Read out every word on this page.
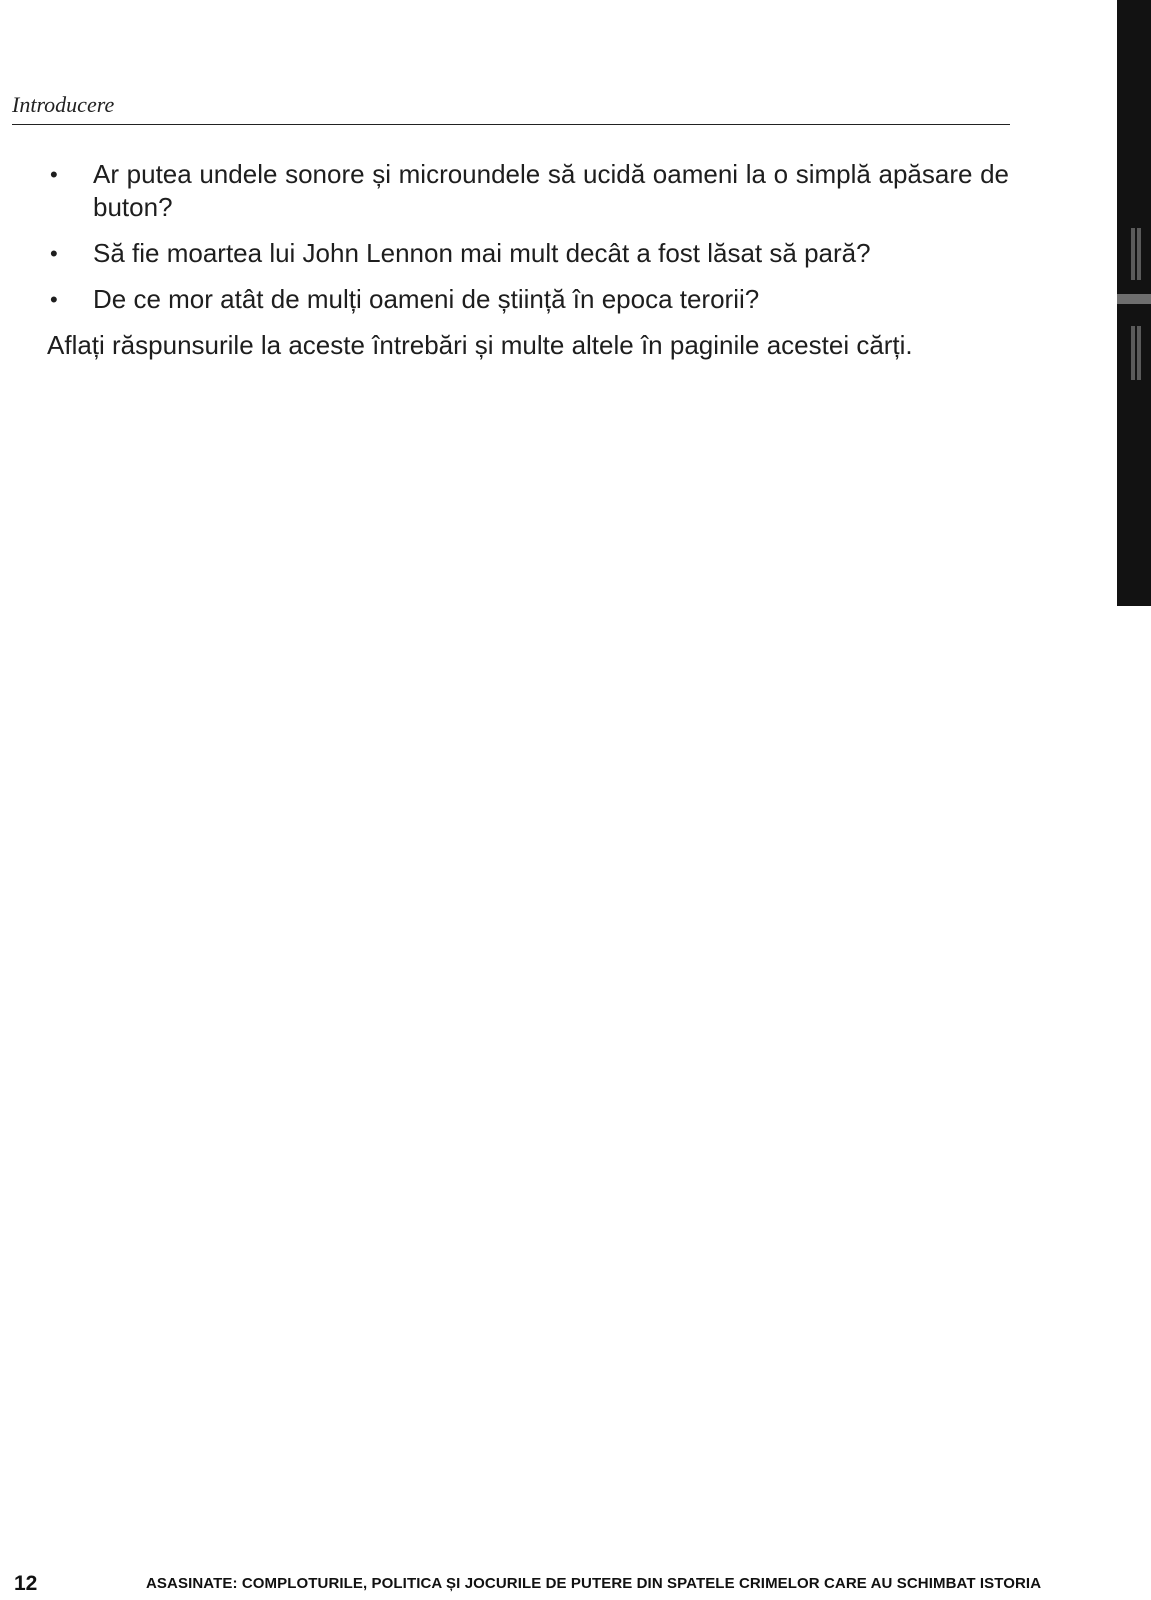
Introducere
• Ar putea undele sonore și microundele să ucidă oameni la o simplă apăsare de buton?
• Să fie moartea lui John Lennon mai mult decât a fost lăsat să pară?
• De ce mor atât de mulți oameni de știință în epoca terorii?

Aflați răspunsurile la aceste întrebări și multe altele în paginile acestei cărți.

12	ASASINATE: COMPLOTURILE, POLITICA ȘI JOCURILE DE PUTERE DIN SPATELE CRIMELOR CARE AU SCHIMBAT ISTORIA
